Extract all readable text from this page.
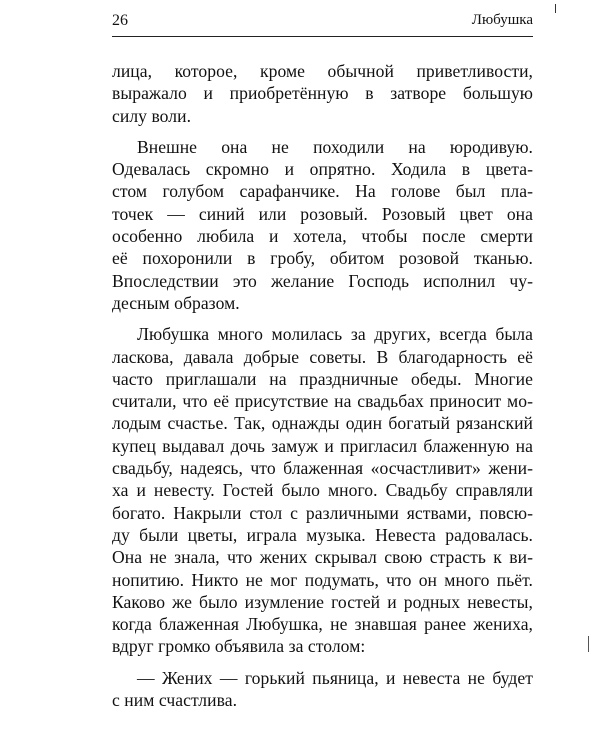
26	Любушка
лица, которое, кроме обычной приветливости,
выражало и приобретённую в затворе большую
силу воли.
Внешне она не походили на юродивую.
Одевалась скромно и опрятно. Ходила в цвета-
стом голубом сарафанчике. На голове был пла-
точек — синий или розовый. Розовый цвет она
особенно любила и хотела, чтобы после смерти
её похоронили в гробу, обитом розовой тканью.
Впоследствии это желание Господь исполнил чу-
десным образом.
Любушка много молилась за других, всегда была
ласкова, давала добрые советы. В благодарность её
часто приглашали на праздничные обеды. Многие
считали, что её присутствие на свадьбах приносит мо-
лодым счастье. Так, однажды один богатый рязанский
купец выдавал дочь замуж и пригласил блаженную на
свадьбу, надеясь, что блаженная «осчастливит» жени-
ха и невесту. Гостей было много. Свадьбу справляли
богато. Накрыли стол с различными яствами, повсю-
ду были цветы, играла музыка. Невеста радовалась.
Она не знала, что жених скрывал свою страсть к ви-
нопитию. Никто не мог подумать, что он много пьёт.
Каково же было изумление гостей и родных невесты,
когда блаженная Любушка, не знавшая ранее жениха,
вдруг громко объявила за столом:
— Жених — горький пьяница, и невеста не будет
с ним счастлива.
